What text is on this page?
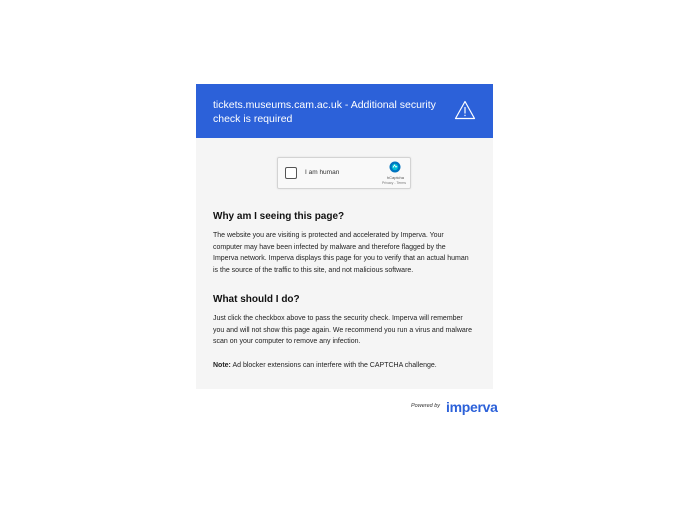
tickets.museums.cam.ac.uk - Additional security check is required
I am human
hCaptcha
Privacy - Terms
Why am I seeing this page?

The website you are visiting is protected and accelerated by Imperva. Your computer may have been infected by malware and therefore flagged by the Imperva network. Imperva displays this page for you to verify that an actual human is the source of the traffic to this site, and not malicious software.

What should I do?

Just click the checkbox above to pass the security check. Imperva will remember you and will not show this page again. We recommend you run a virus and malware scan on your computer to remove any infection.

Note: Ad blocker extensions can interfere with the CAPTCHA challenge.

Powered by imperva
